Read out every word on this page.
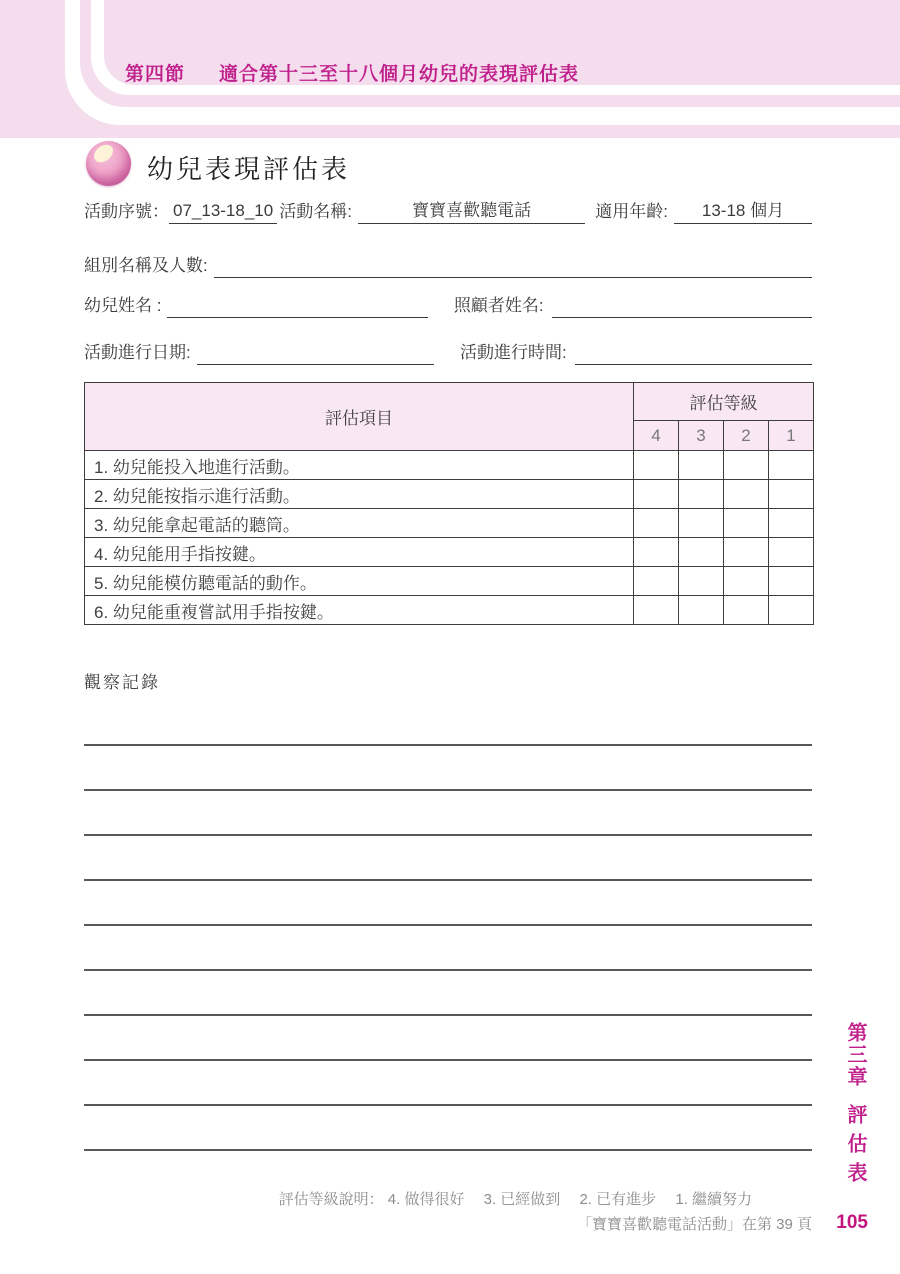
第四節 適合第十三至十八個月幼兒的表現評估表
幼兒表現評估表
活動序號： 07_13-18_10 活動名稱:	寶寶喜歡聽電話	適用年齡:	13-18 個月
組別名稱及人數:
幼兒姓名 :	照顧者姓名:
活動進行日期:	活動進行時間:
評估項目	評估等級			
	4	3	2	1
1. 幼兒能投入地進行活動。				
2. 幼兒能按指示進行活動。				
3. 幼兒能拿起電話的聽筒。				
4. 幼兒能用手指按鍵。				
5. 幼兒能模仿聽電話的動作。				
6. 幼兒能重複嘗試用手指按鍵。				
觀察記錄
第三章
評估表
評估等級說明： 4. 做得很好　 3. 已經做到　 2. 已有進步　 1. 繼續努力
「寶寶喜歡聽電話活動」在第 39 頁 105
